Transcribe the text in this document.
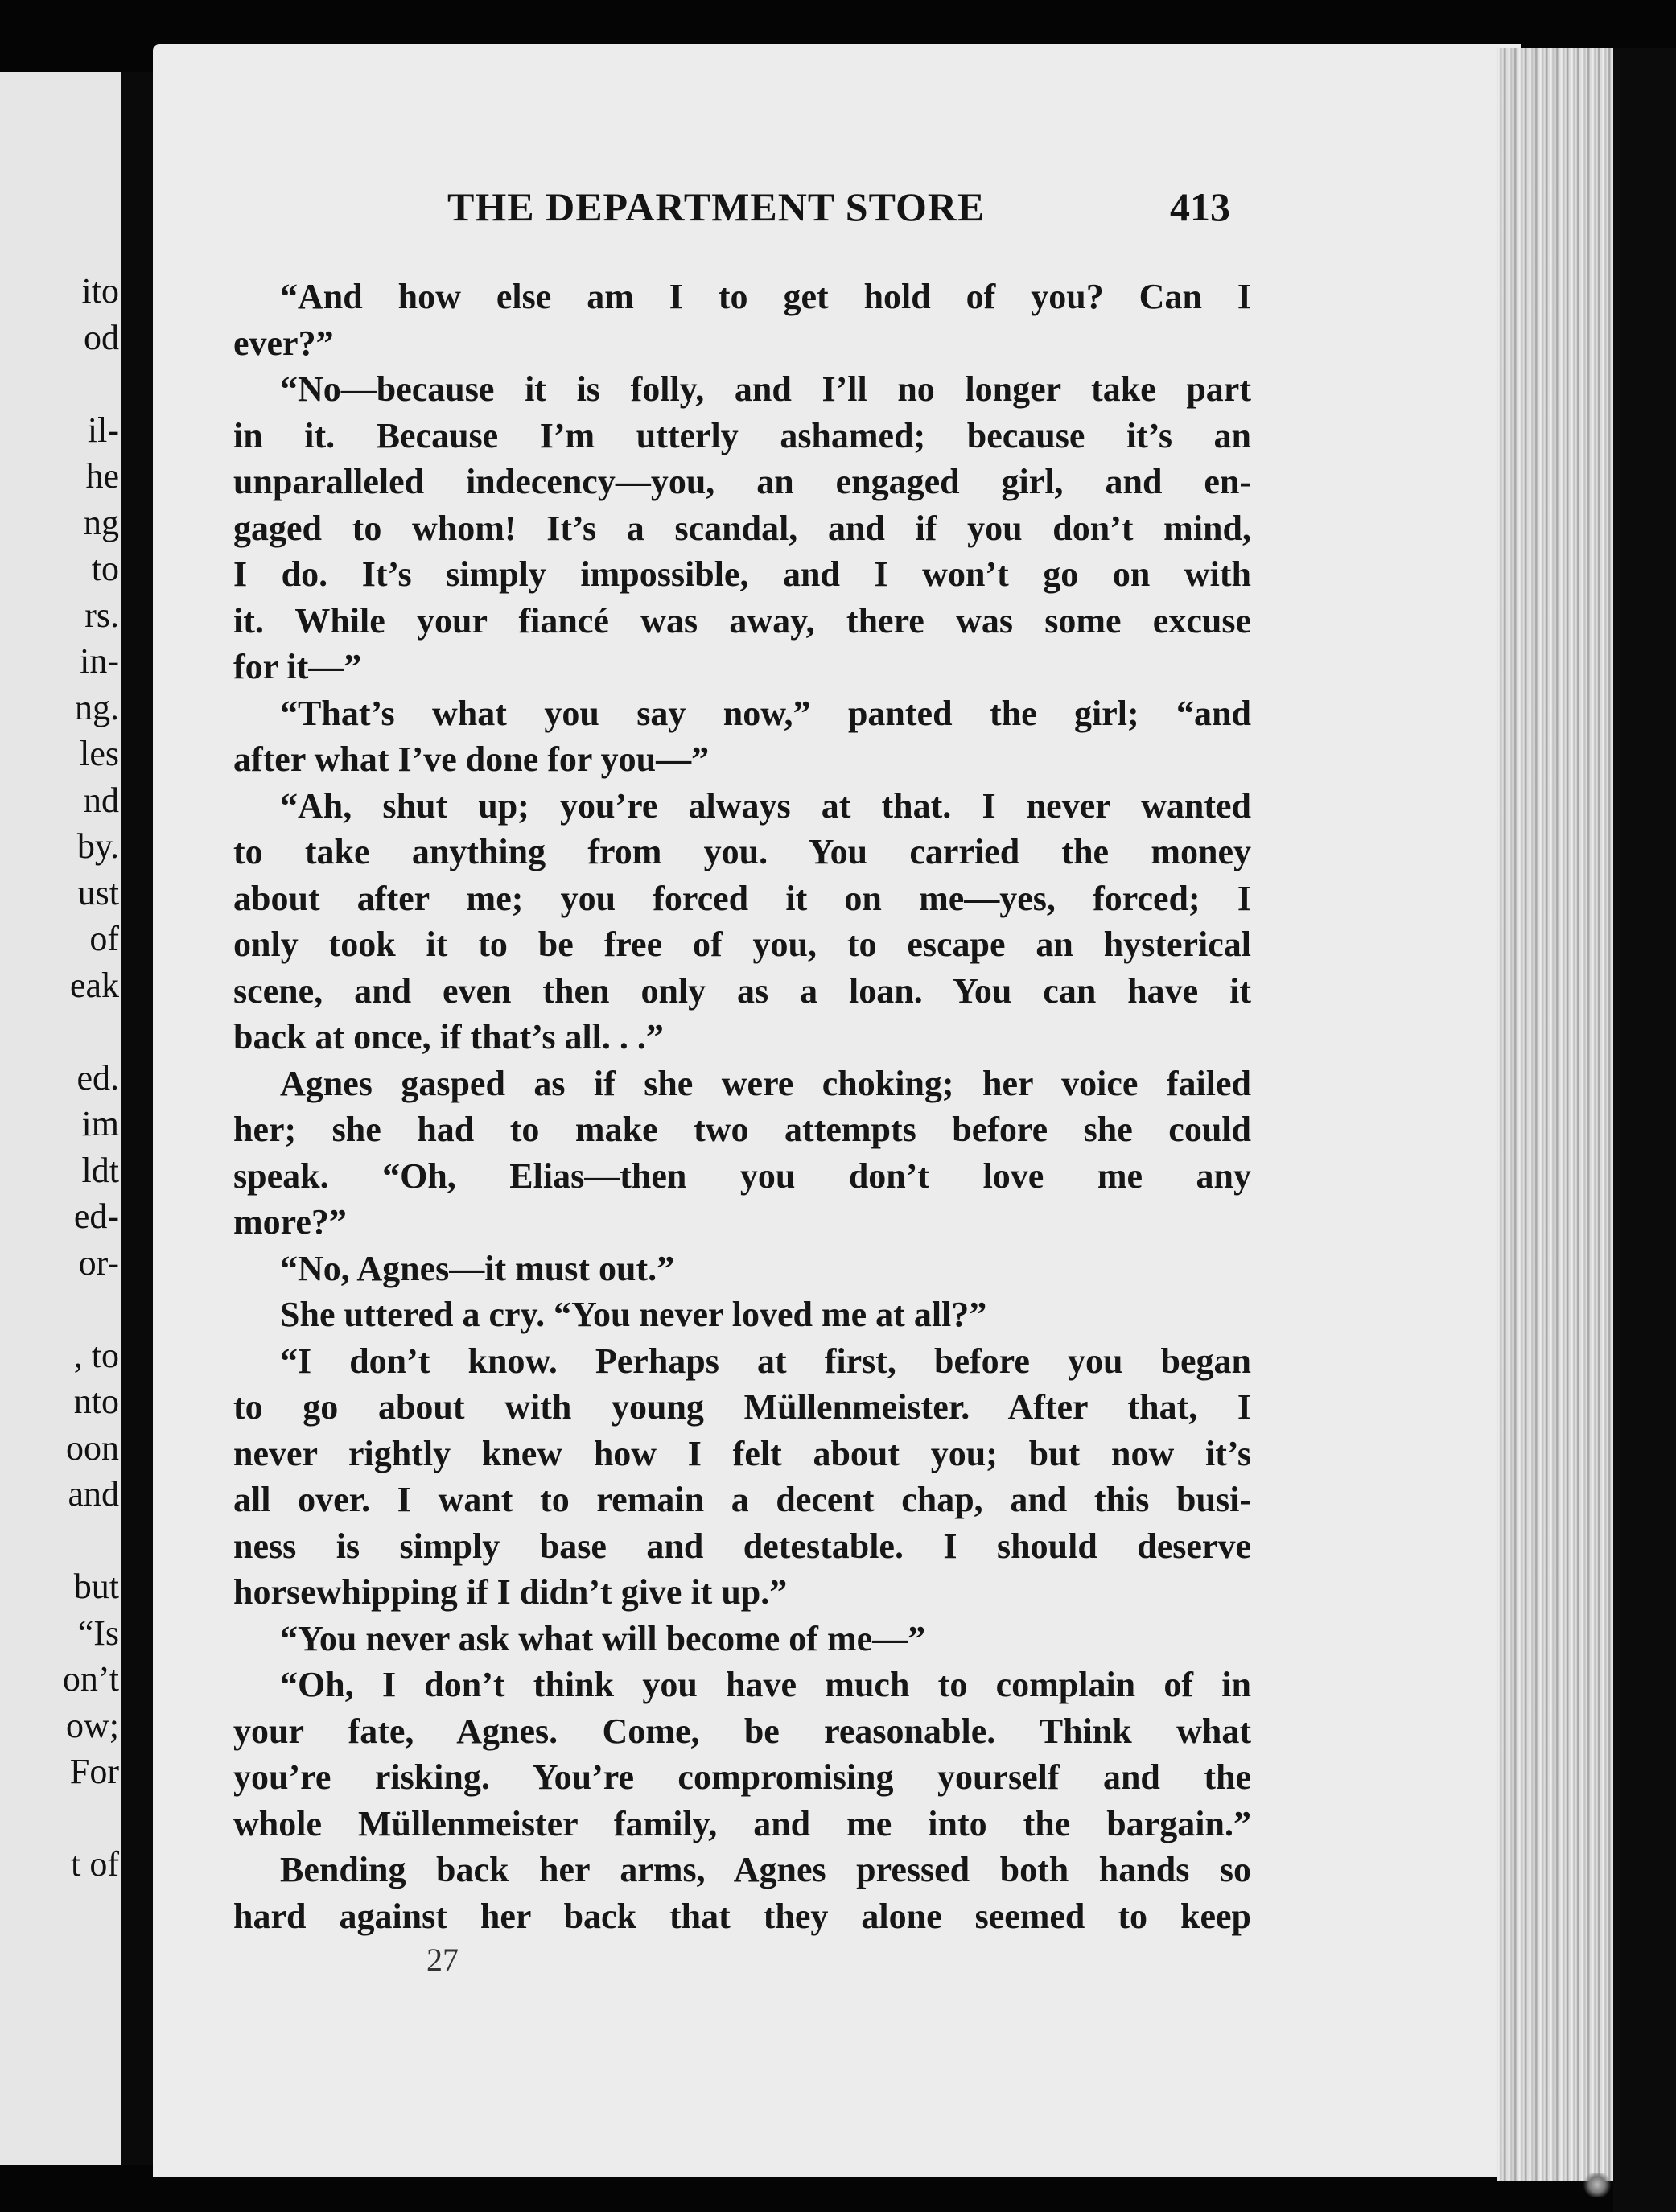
ito
od
il-
he
ng
to
rs.
in-
ng.
les
nd
by.
ust
of
eak
ed.
im
ldt
ed-
or-
, to
nto
oon
and
but
“Is
on’t
ow;
For
t of
THE DEPARTMENT STORE	413
“And how else am I to get hold of you? Can I
ever?”
“No—because it is folly, and I’ll no longer take part
in it. Because I’m utterly ashamed; because it’s an
unparalleled indecency—you, an engaged girl, and en-
gaged to whom! It’s a scandal, and if you don’t mind,
I do. It’s simply impossible, and I won’t go on with
it. While your fiancé was away, there was some excuse
for it—”
“That’s what you say now,” panted the girl; “and
after what I’ve done for you—”
“Ah, shut up; you’re always at that. I never wanted
to take anything from you. You carried the money
about after me; you forced it on me—yes, forced; I
only took it to be free of you, to escape an hysterical
scene, and even then only as a loan. You can have it
back at once, if that’s all. . .”
Agnes gasped as if she were choking; her voice failed
her; she had to make two attempts before she could
speak. “Oh, Elias—then you don’t love me any
more?”
“No, Agnes—it must out.”
She uttered a cry. “You never loved me at all?”
“I don’t know. Perhaps at first, before you began
to go about with young Müllenmeister. After that, I
never rightly knew how I felt about you; but now it’s
all over. I want to remain a decent chap, and this busi-
ness is simply base and detestable. I should deserve
horsewhipping if I didn’t give it up.”
“You never ask what will become of me—”
“Oh, I don’t think you have much to complain of in
your fate, Agnes. Come, be reasonable. Think what
you’re risking. You’re compromising yourself and the
whole Müllenmeister family, and me into the bargain.”
Bending back her arms, Agnes pressed both hands so
hard against her back that they alone seemed to keep
27
